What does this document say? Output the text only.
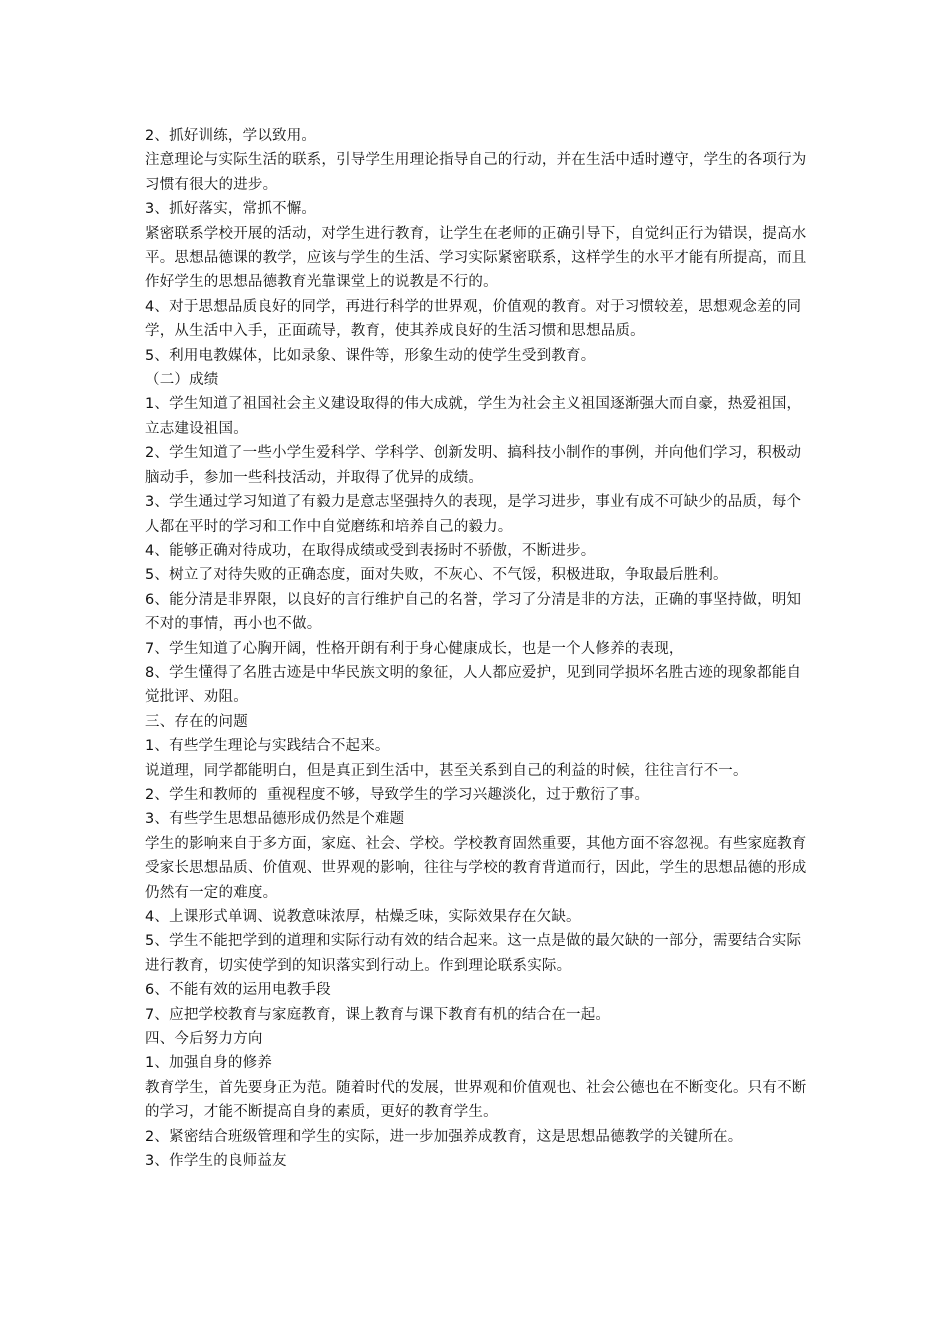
2、抓好训练，学以致用。

注意理论与实际生活的联系，引导学生用理论指导自己的行动，并在生活中适时遵守，学生的各项行为习惯有很大的进步。

3、抓好落实，常抓不懈。

紧密联系学校开展的活动，对学生进行教育，让学生在老师的正确引导下，自觉纠正行为错误，提高水平。思想品德课的教学，应该与学生的生活、学习实际紧密联系，这样学生的水平才能有所提高，而且作好学生的思想品德教育光靠课堂上的说教是不行的。

4、对于思想品质良好的同学，再进行科学的世界观，价值观的教育。对于习惯较差，思想观念差的同学，从生活中入手，正面疏导，教育，使其养成良好的生活习惯和思想品质。

5、利用电教媒体，比如录象、课件等，形象生动的使学生受到教育。

（二）成绩

1、学生知道了祖国社会主义建设取得的伟大成就，学生为社会主义祖国逐渐强大而自豪，热爱祖国，立志建设祖国。

2、学生知道了一些小学生爱科学、学科学、创新发明、搞科技小制作的事例，并向他们学习，积极动脑动手，参加一些科技活动，并取得了优异的成绩。

3、学生通过学习知道了有毅力是意志坚强持久的表现，是学习进步，事业有成不可缺少的品质，每个人都在平时的学习和工作中自觉磨练和培养自己的毅力。

4、能够正确对待成功，在取得成绩或受到表扬时不骄傲，不断进步。

5、树立了对待失败的正确态度，面对失败，不灰心、不气馁，积极进取，争取最后胜利。

6、能分清是非界限，以良好的言行维护自己的名誉，学习了分清是非的方法，正确的事坚持做，明知不对的事情，再小也不做。

7、学生知道了心胸开阔，性格开朗有利于身心健康成长，也是一个人修养的表现，

8、学生懂得了名胜古迹是中华民族文明的象征，人人都应爱护，见到同学损坏名胜古迹的现象都能自觉批评、劝阻。

三、存在的问题

1、有些学生理论与实践结合不起来。

说道理，同学都能明白，但是真正到生活中，甚至关系到自己的利益的时候，往往言行不一。

2、学生和教师的  重视程度不够，导致学生的学习兴趣淡化，过于敷衍了事。

3、有些学生思想品德形成仍然是个难题

学生的影响来自于多方面，家庭、社会、学校。学校教育固然重要，其他方面不容忽视。有些家庭教育受家长思想品质、价值观、世界观的影响，往往与学校的教育背道而行，因此，学生的思想品德的形成仍然有一定的难度。

4、上课形式单调、说教意味浓厚，枯燥乏味，实际效果存在欠缺。

5、学生不能把学到的道理和实际行动有效的结合起来。这一点是做的最欠缺的一部分，需要结合实际进行教育，切实使学到的知识落实到行动上。作到理论联系实际。

6、不能有效的运用电教手段

7、应把学校教育与家庭教育，课上教育与课下教育有机的结合在一起。

四、今后努力方向

1、加强自身的修养

教育学生，首先要身正为范。随着时代的发展，世界观和价值观也、社会公德也在不断变化。只有不断的学习，才能不断提高自身的素质，更好的教育学生。

2、紧密结合班级管理和学生的实际，进一步加强养成教育，这是思想品德教学的关键所在。

3、作学生的良师益友
